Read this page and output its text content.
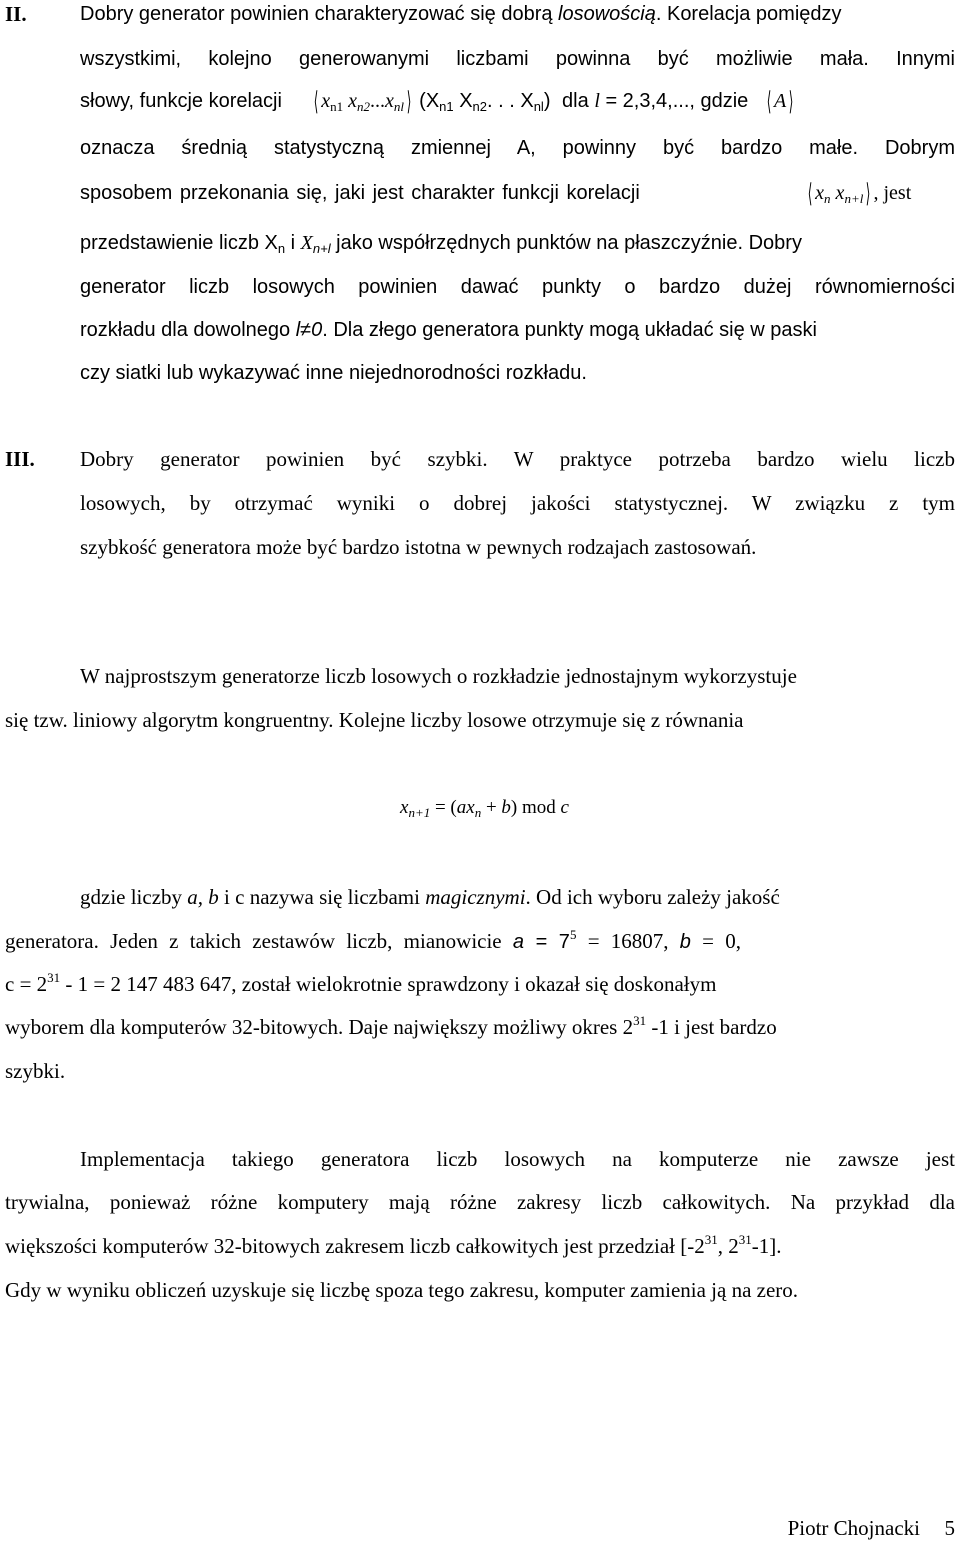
II.	Dobry generator powinien charakteryzować się dobrą losowością. Korelacja pomiędzy
wszystkimi, kolejno generowanymi liczbami powinna być możliwie mała. Innymi
słowy, funkcje korelacji ⟨ $x_{n1}$ $x_{n2}...x_{nl}$ ⟩ ($X_{n1}$ $X_{n2}$. . . $X_{nl}$) dla l = 2,3,4,..., gdzie ⟨ A ⟩
oznacza średnią statystyczną zmiennej A, powinny być bardzo małe. Dobrym
sposobem przekonania się, jaki jest charakter funkcji korelacji	⟨ $x_n$ $x_{n+l}$ ⟩ , jest
przedstawienie liczb $X_n$ i $X_{n+l}$ jako współrzędnych punktów na płaszczyźnie. Dobry
generator liczb losowych powinien dawać punkty o bardzo dużej równomierności
rozkładu dla dowolnego l≠0. Dla złego generatora punkty mogą układać się w paski
czy siatki lub wykazywać inne niejednorodności rozkładu.
III. Dobry generator powinien być szybki. W praktyce potrzeba bardzo wielu liczb
losowych, by otrzymać wyniki o dobrej jakości statystycznej. W związku z tym
szybkość generatora może być bardzo istotna w pewnych rodzajach zastosowań.
W najprostszym generatorze liczb losowych o rozkładzie jednostajnym wykorzystuje
się tzw. liniowy algorytm kongruentny. Kolejne liczby losowe otrzymuje się z równania
$x_{n+1} = (ax_n + b)$ mod c
gdzie liczby a, b i c nazywa się liczbami magicznymi. Od ich wyboru zależy jakość
generatora. Jeden z takich zestawów liczb, mianowicie $a = 7^5 = 16807$, b = 0,
$c = 2^{31} - 1 = 2$ 147 483 647, został wielokrotnie sprawdzony i okazał się doskonałym
wyborem dla komputerów 32-bitowych. Daje największy możliwy okres $2^{31}$ -1 i jest bardzo
szybki.
Implementacja takiego generatora liczb losowych na komputerze nie zawsze jest
trywialna, ponieważ różne komputery mają różne zakresy liczb całkowitych. Na przykład dla
większości komputerów 32-bitowych zakresem liczb całkowitych jest przedział [$-2^{31}$, $2^{31}-1$].
Gdy w wyniku obliczeń uzyskuje się liczbę spoza tego zakresu, komputer zamienia ją na zero.
Piotr Chojnacki 5
